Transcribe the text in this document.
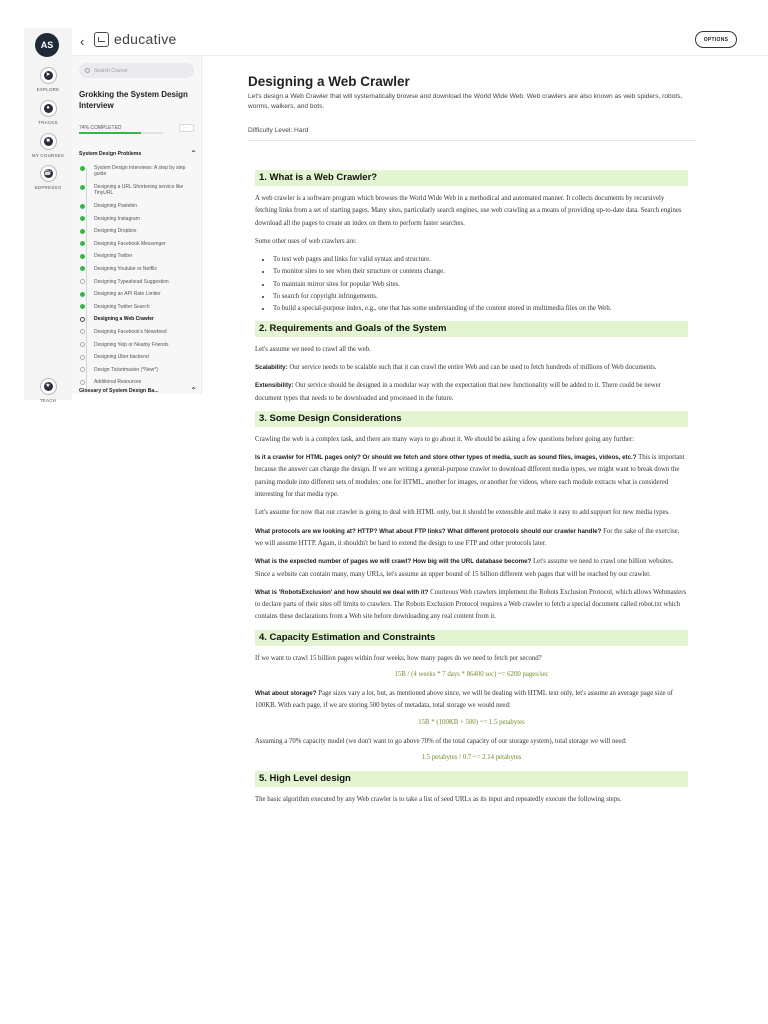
AS
➤
EXPLORE
●
TRACKS
■
MY COURSES
☕
EDPRESSO
★
TEACH
‹ educative	OPTIONS
Search Course
Grokking the System Design Interview
74% COMPLETED	⋯
System Design Problems	⌃
System Design Interviews: A step by step guide
Designing a URL Shortening service like TinyURL
Designing Pastebin
Designing Instagram
Designing Dropbox
Designing Facebook Messenger
Designing Twitter
Designing Youtube or Netflix
Designing Typeahead Suggestion
Designing an API Rate Limiter
Designing Twitter Search
Designing a Web Crawler
Designing Facebook's Newsfeed
Designing Yelp or Nearby Friends
Designing Uber backend
Design Ticketmaster (*New*)
Additional Resources
Glossary of System Design Ba...	⌃
Designing a Web Crawler
Let's design a Web Crawler that will systematically browse and download the World Wide Web. Web crawlers are also known as web spiders, robots, worms, walkers, and bots.
Difficulty Level: Hard
1. What is a Web Crawler?
A web crawler is a software program which browses the World Wide Web in a methodical and automated manner. It collects documents by recursively fetching links from a set of starting pages. Many sites, particularly search engines, use web crawling as a means of providing up-to-date data. Search engines download all the pages to create an index on them to perform faster searches.
Some other uses of web crawlers are:
• To test web pages and links for valid syntax and structure.
• To monitor sites to see when their structure or contents change.
• To maintain mirror sites for popular Web sites.
• To search for copyright infringements.
• To build a special-purpose index, e.g., one that has some understanding of the content stored in multimedia files on the Web.
2. Requirements and Goals of the System
Let's assume we need to crawl all the web.
Scalability: Our service needs to be scalable such that it can crawl the entire Web and can be used to fetch hundreds of millions of Web documents.
Extensibility: Our service should be designed in a modular way with the expectation that new functionality will be added to it. There could be newer document types that needs to be downloaded and processed in the future.
3. Some Design Considerations
Crawling the web is a complex task, and there are many ways to go about it. We should be asking a few questions before going any further:
Is it a crawler for HTML pages only? Or should we fetch and store other types of media, such as sound files, images, videos, etc.? This is important because the answer can change the design. If we are writing a general-purpose crawler to download different media types, we might want to break down the parsing module into different sets of modules: one for HTML, another for images, or another for videos, where each module extracts what is considered interesting for that media type.
Let's assume for now that our crawler is going to deal with HTML only, but it should be extensible and make it easy to add support for new media types.
What protocols are we looking at? HTTP? What about FTP links? What different protocols should our crawler handle? For the sake of the exercise, we will assume HTTP. Again, it shouldn't be hard to extend the design to use FTP and other protocols later.
What is the expected number of pages we will crawl? How big will the URL database become? Let's assume we need to crawl one billion websites. Since a website can contain many, many URLs, let's assume an upper bound of 15 billion different web pages that will be reached by our crawler.
What is 'RobotsExclusion' and how should we deal with it? Courteous Web crawlers implement the Robots Exclusion Protocol, which allows Webmasters to declare parts of their sites off limits to crawlers. The Robots Exclusion Protocol requires a Web crawler to fetch a special document called robot.txt which contains these declarations from a Web site before downloading any real content from it.
4. Capacity Estimation and Constraints
If we want to crawl 15 billion pages within four weeks, how many pages do we need to fetch per second?
15B / (4 weeks * 7 days * 86400 sec) ~= 6200 pages/sec
What about storage? Page sizes vary a lot, but, as mentioned above since, we will be dealing with HTML text only, let's assume an average page size of 100KB. With each page, if we are storing 500 bytes of metadata, total storage we would need:
15B * (100KB + 500) ~= 1.5 petabytes
Assuming a 70% capacity model (we don't want to go above 70% of the total capacity of our storage system), total storage we will need:
1.5 petabytes / 0.7 ~= 2.14 petabytes
5. High Level design
The basic algorithm executed by any Web crawler is to take a list of seed URLs as its input and repeatedly execute the following steps.
